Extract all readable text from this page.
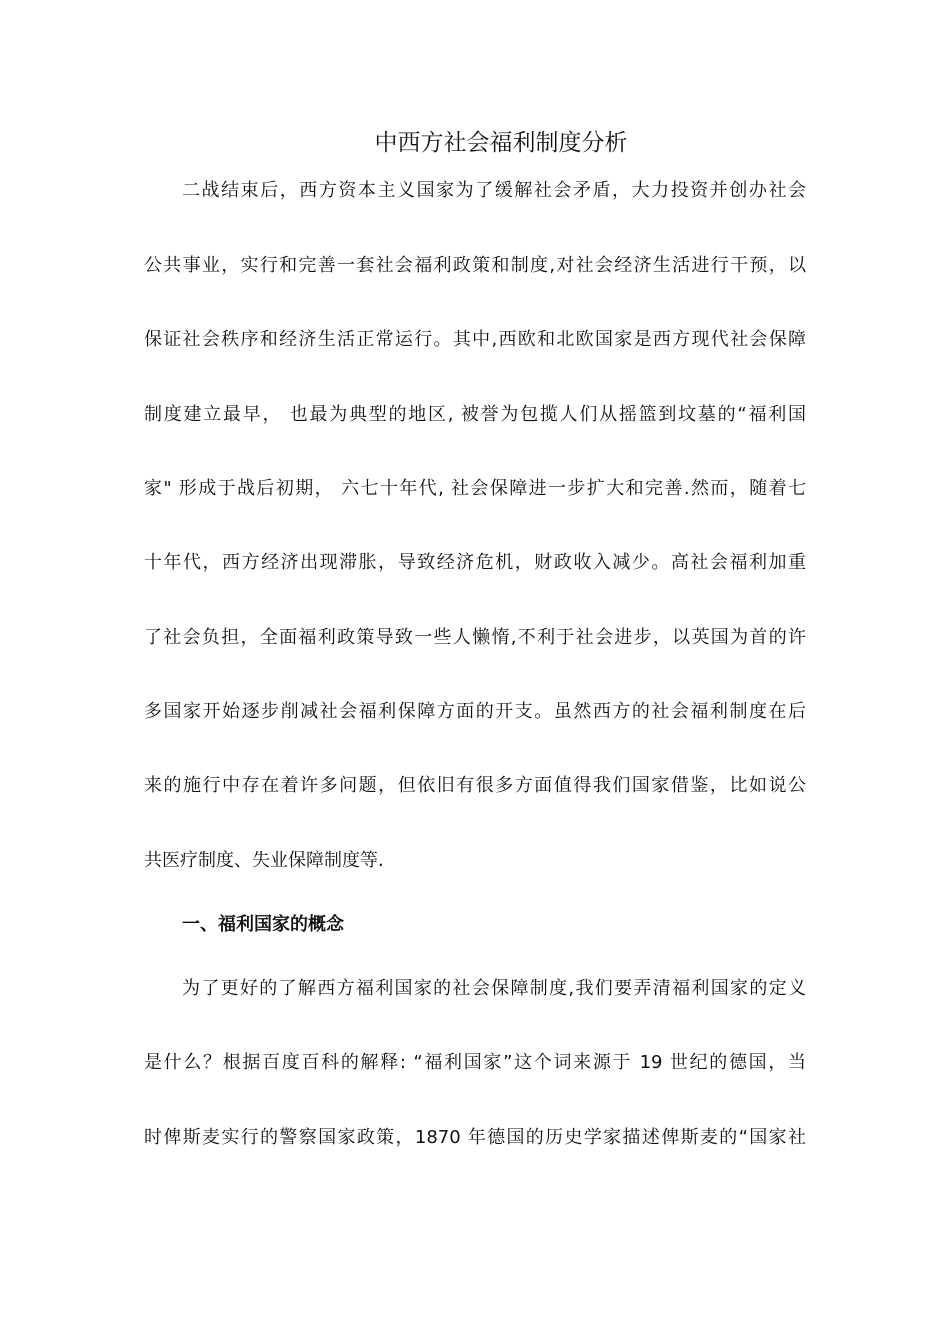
中西方社会福利制度分析

二战结束后，西方资本主义国家为了缓解社会矛盾，大力投资并创办社会

公共事业，实行和完善一套社会福利政策和制度,对社会经济生活进行干预，以

保证社会秩序和经济生活正常运行。其中,西欧和北欧国家是西方现代社会保障

制度建立最早， 也最为典型的地区, 被誉为包揽人们从摇篮到坟墓的“福利国

家" 形成于战后初期， 六七十年代, 社会保障进一步扩大和完善.然而，随着七

十年代，西方经济出现滞胀，导致经济危机，财政收入减少。高社会福利加重

了社会负担，全面福利政策导致一些人懒惰,不利于社会进步，以英国为首的许

多国家开始逐步削减社会福利保障方面的开支。虽然西方的社会福利制度在后

来的施行中存在着许多问题，但依旧有很多方面值得我们国家借鉴，比如说公

共医疗制度、失业保障制度等.

一、福利国家的概念

为了更好的了解西方福利国家的社会保障制度,我们要弄清福利国家的定义

是什么？根据百度百科的解释: “福利国家”这个词来源于 19 世纪的德国，当

时俾斯麦实行的警察国家政策，1870 年德国的历史学家描述俾斯麦的“国家社
